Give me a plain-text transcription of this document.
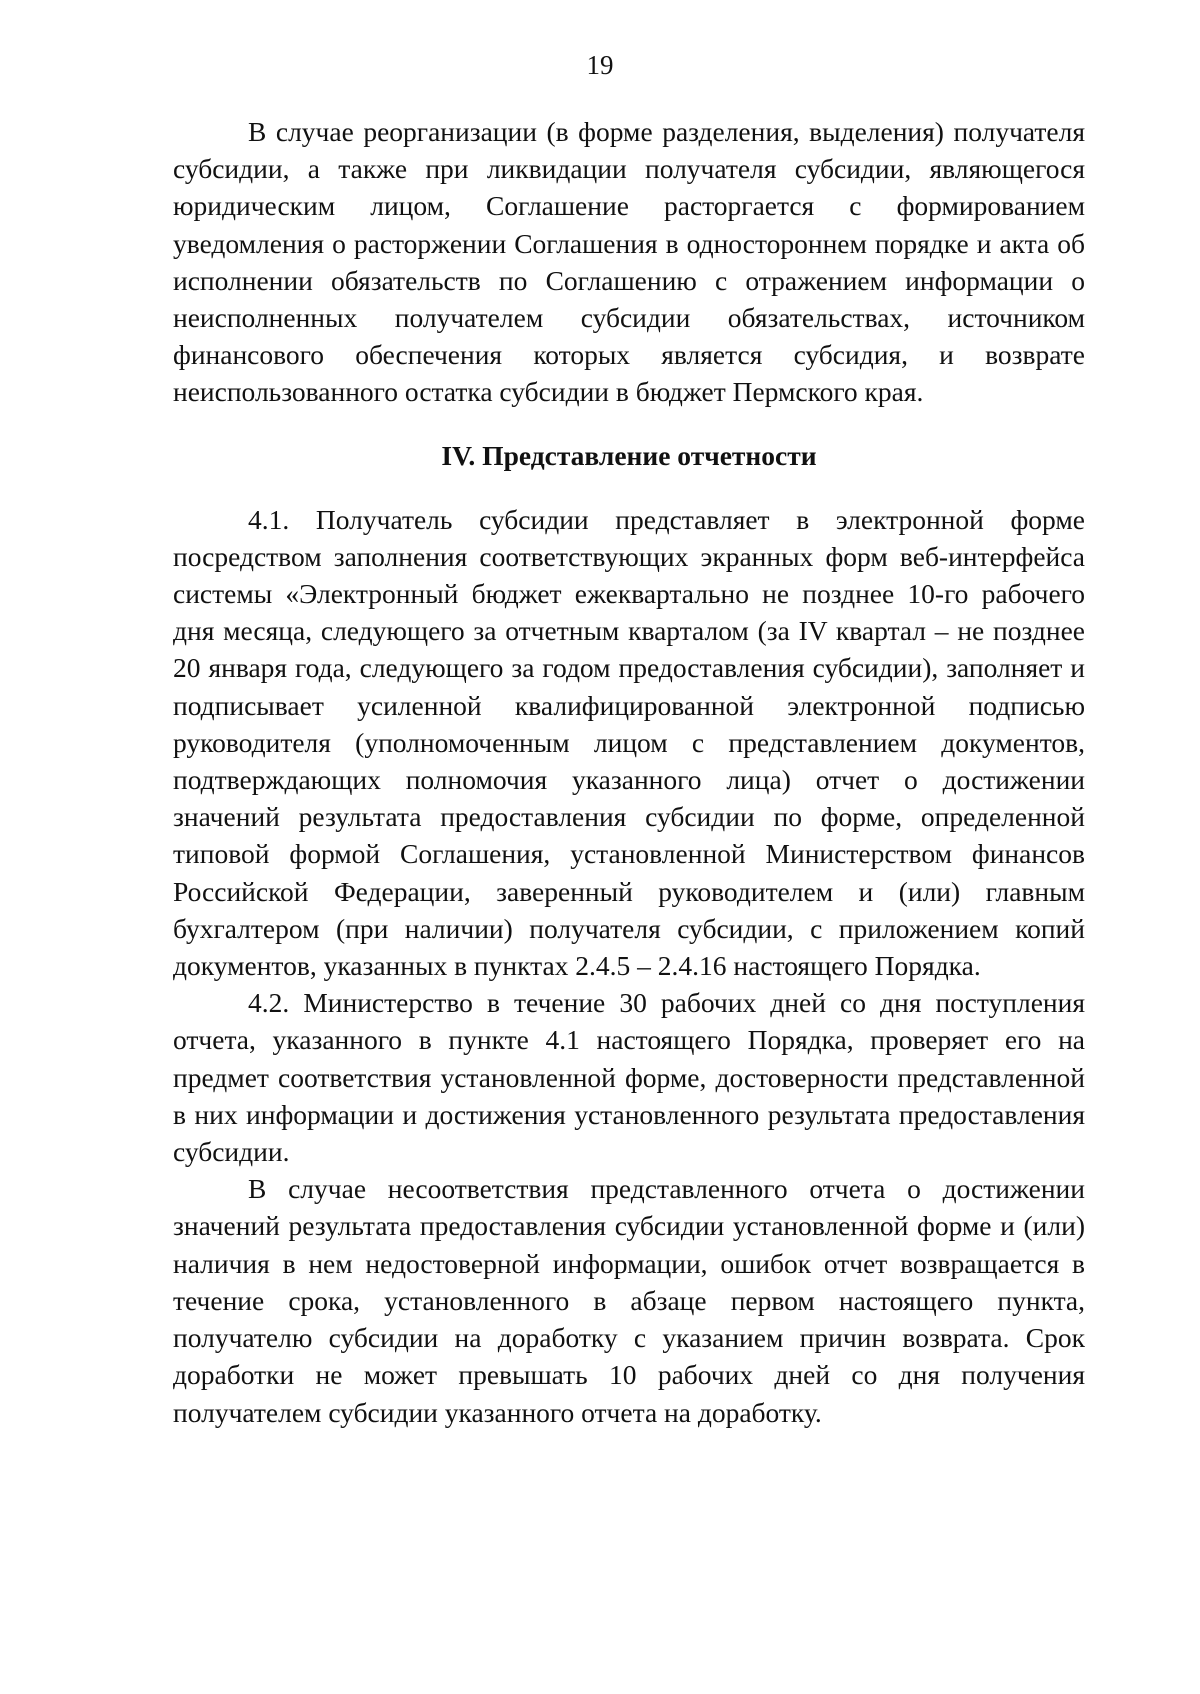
19

В случае реорганизации (в форме разделения, выделения) получателя субсидии, а также при ликвидации получателя субсидии, являющегося юридическим лицом, Соглашение расторгается с формированием уведомления о расторжении Соглашения в одностороннем порядке и акта об исполнении обязательств по Соглашению с отражением информации о неисполненных получателем субсидии обязательствах, источником финансового обеспечения которых является субсидия, и возврате неиспользованного остатка субсидии в бюджет Пермского края.

IV. Представление отчетности

4.1. Получатель субсидии представляет в электронной форме посредством заполнения соответствующих экранных форм веб-интерфейса системы «Электронный бюджет ежеквартально не позднее 10-го рабочего дня месяца, следующего за отчетным кварталом (за IV квартал – не позднее 20 января года, следующего за годом предоставления субсидии), заполняет и подписывает усиленной квалифицированной электронной подписью руководителя (уполномоченным лицом с представлением документов, подтверждающих полномочия указанного лица) отчет о достижении значений результата предоставления субсидии по форме, определенной типовой формой Соглашения, установленной Министерством финансов Российской Федерации, заверенный руководителем и (или) главным бухгалтером (при наличии) получателя субсидии, с приложением копий документов, указанных в пунктах 2.4.5 – 2.4.16 настоящего Порядка.

4.2. Министерство в течение 30 рабочих дней со дня поступления отчета, указанного в пункте 4.1 настоящего Порядка, проверяет его на предмет соответствия установленной форме, достоверности представленной в них информации и достижения установленного результата предоставления субсидии.

В случае несоответствия представленного отчета о достижении значений результата предоставления субсидии установленной форме и (или) наличия в нем недостоверной информации, ошибок отчет возвращается в течение срока, установленного в абзаце первом настоящего пункта, получателю субсидии на доработку с указанием причин возврата. Срок доработки не может превышать 10 рабочих дней со дня получения получателем субсидии указанного отчета на доработку.
